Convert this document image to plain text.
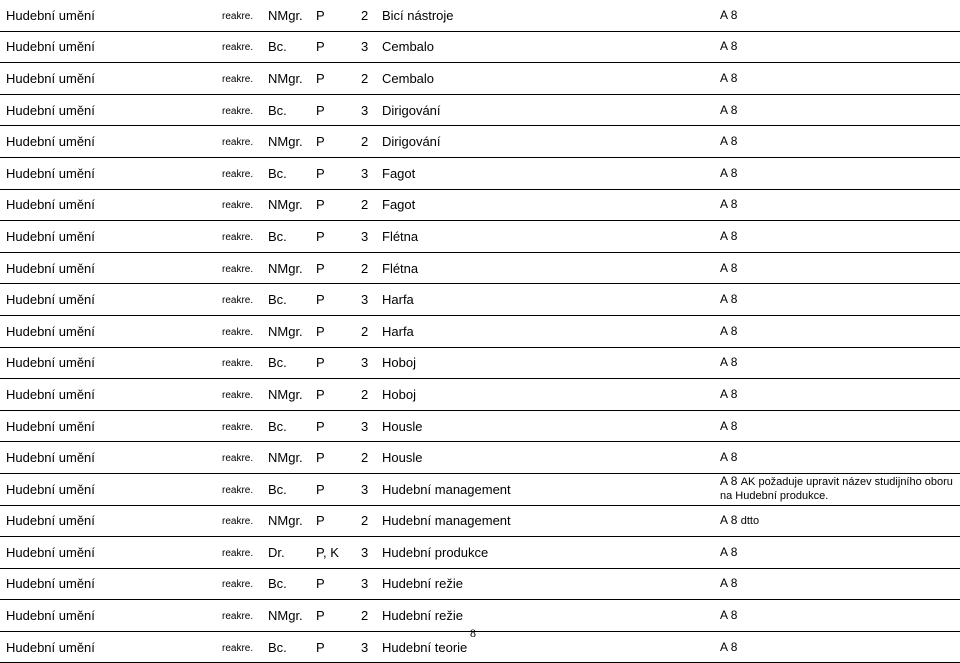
Hudební umění	reakre.	NMgr.	P	2	Bicí nástroje	A 8
Hudební umění	reakre.	Bc.	P	3	Cembalo	A 8
Hudební umění	reakre.	NMgr.	P	2	Cembalo	A 8
Hudební umění	reakre.	Bc.	P	3	Dirigování	A 8
Hudební umění	reakre.	NMgr.	P	2	Dirigování	A 8
Hudební umění	reakre.	Bc.	P	3	Fagot	A 8
Hudební umění	reakre.	NMgr.	P	2	Fagot	A 8
Hudební umění	reakre.	Bc.	P	3	Flétna	A 8
Hudební umění	reakre.	NMgr.	P	2	Flétna	A 8
Hudební umění	reakre.	Bc.	P	3	Harfa	A 8
Hudební umění	reakre.	NMgr.	P	2	Harfa	A 8
Hudební umění	reakre.	Bc.	P	3	Hoboj	A 8
Hudební umění	reakre.	NMgr.	P	2	Hoboj	A 8
Hudební umění	reakre.	Bc.	P	3	Housle	A 8
Hudební umění	reakre.	NMgr.	P	2	Housle	A 8
Hudební umění	reakre.	Bc.	P	3	Hudební management	A 8 AK požaduje upravit název studijního oboru na Hudební produkce.
Hudební umění	reakre.	NMgr.	P	2	Hudební management	A 8 dtto
Hudební umění	reakre.	Dr.	P, K	3	Hudební produkce	A 8
Hudební umění	reakre.	Bc.	P	3	Hudební režie	A 8
Hudební umění	reakre.	NMgr.	P	2	Hudební režie	A 8
Hudební umění	reakre.	Bc.	P	3	Hudební teorie	A 8
8
